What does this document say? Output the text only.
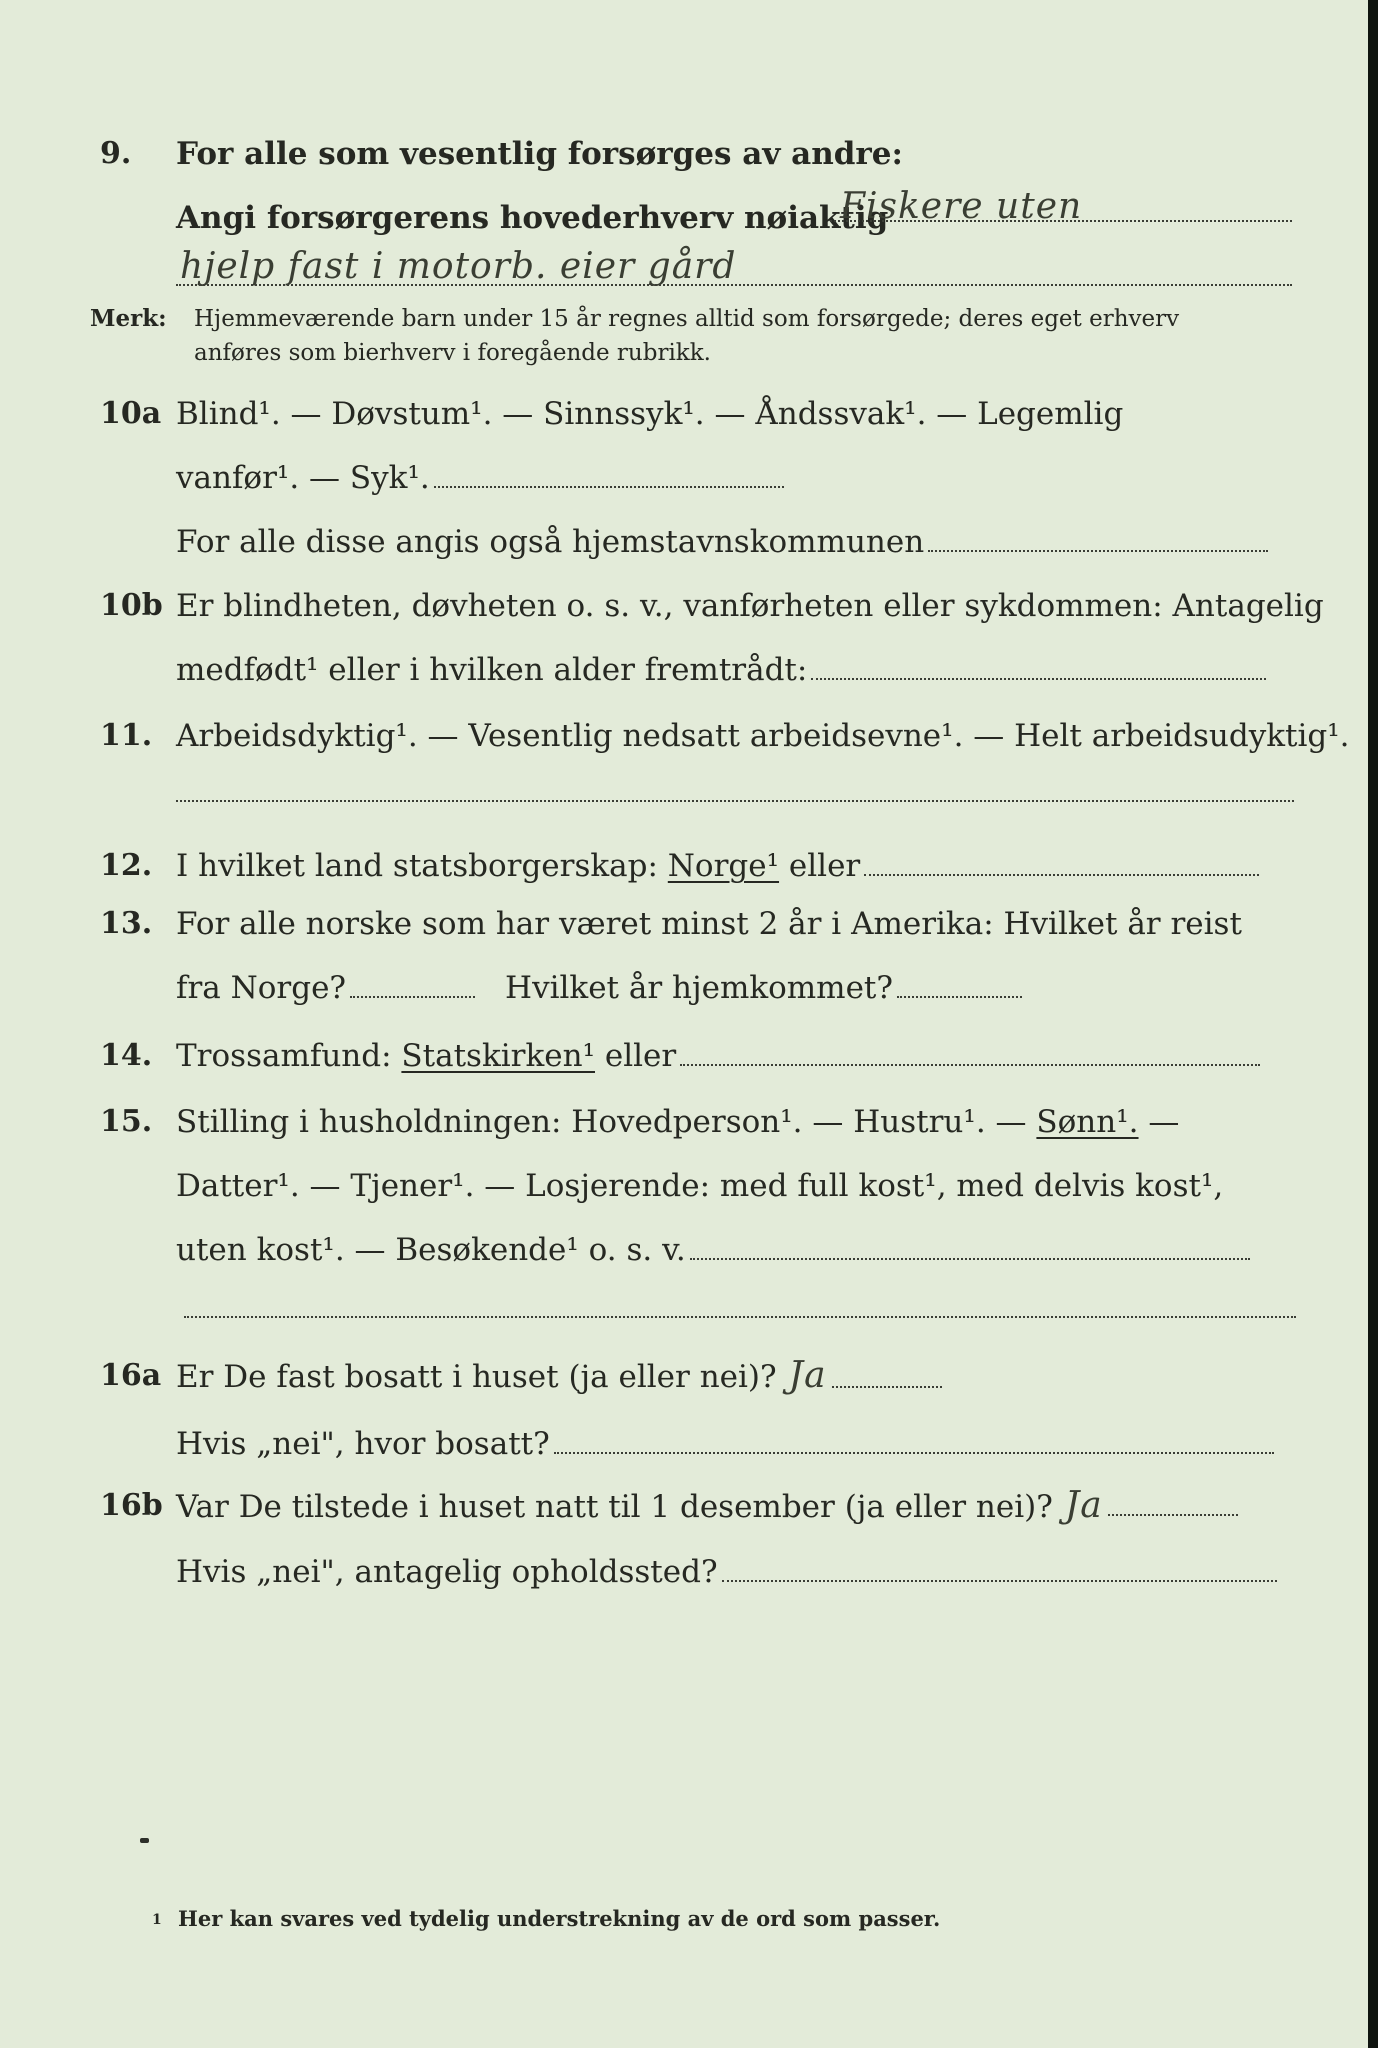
9. For alle som vesentlig forsørges av andre:
Angi forsørgerens hovederhverv nøiaktig
Fiskere uten
hjelp fast i motorb. eier gård
Merk: Hjemmeværende barn under 15 år regnes alltid som forsørgede; deres eget erhverv
anføres som bierhverv i foregående rubrikk.
10a Blind¹. — Døvstum¹. — Sinnssyk¹. — Åndssvak¹. — Legemlig
vanfør¹. — Syk¹.
For alle disse angis også hjemstavnskommunen
10b Er blindheten, døvheten o. s. v., vanførheten eller sykdommen: Antagelig
medfødt¹ eller i hvilken alder fremtrådt:
11. Arbeidsdyktig¹. — Vesentlig nedsatt arbeidsevne¹. — Helt arbeidsudyktig¹.
12. I hvilket land statsborgerskap: Norge¹ eller
13. For alle norske som har været minst 2 år i Amerika: Hvilket år reist
fra Norge?	Hvilket år hjemkommet?
14. Trossamfund: Statskirken¹ eller
15. Stilling i husholdningen: Hovedperson¹. — Hustru¹. — Sønn¹. —
Datter¹. — Tjener¹. — Losjerende: med full kost¹, med delvis kost¹,
uten kost¹. — Besøkende¹ o. s. v.
16a Er De fast bosatt i huset (ja eller nei)? Ja
Hvis „nei", hvor bosatt?
16b Var De tilstede i huset natt til 1 desember (ja eller nei)? Ja
Hvis „nei", antagelig opholdssted?
1 Her kan svares ved tydelig understrekning av de ord som passer.
